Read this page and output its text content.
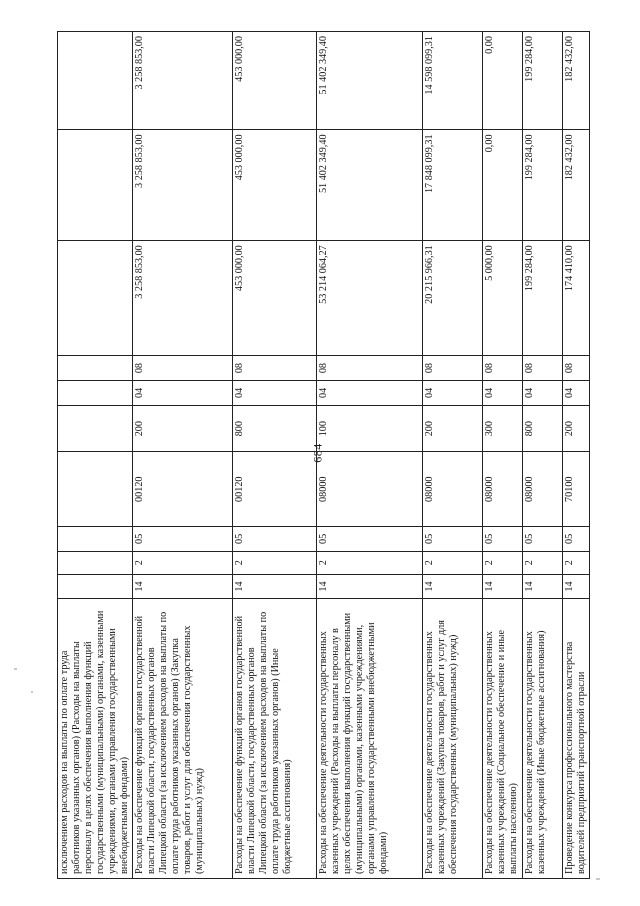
684
исключением расходов на выплаты по оплате труда работников указанных органов) (Расходы на выплаты персоналу в целях обеспечения выполнения функций государственными (муниципальными) органами, казенными учреждениями, органами управления государственными внебюджетными фондами)										
Расходы на обеспечение функций органов государственной власти Липецкой области, государственных органов Липецкой области (за исключением расходов на выплаты по оплате труда работников указанных органов) (Закупка товаров, работ и услуг для обеспечения государственных (муниципальных) нужд)	14	2	05	00120	200	04	08	3 258 853,00	3 258 853,00	3 258 853,00
Расходы на обеспечение функций органов государственной власти Липецкой области, государственных органов Липецкой области (за исключением расходов на выплаты по оплате труда работников указанных органов) (Иные бюджетные ассигнования)	14	2	05	00120	800	04	08	453 000,00	453 000,00	453 000,00
Расходы на обеспечение деятельности государственных казенных учреждений (Расходы на выплаты персоналу в целях обеспечения выполнения функций государственными (муниципальными) органами, казенными учреждениями, органами управления государственными внебюджетными фондами)	14	2	05	08000	100	04	08	53 214 064,27	51 402 349,40	51 402 349,40
Расходы на обеспечение деятельности государственных казенных учреждений (Закупка товаров, работ и услуг для обеспечения государственных (муниципальных) нужд)	14	2	05	08000	200	04	08	20 215 966,31	17 848 099,31	14 598 099,31
Расходы на обеспечение деятельности государственных казенных учреждений (Социальное обеспечение и иные выплаты населению)	14	2	05	08000	300	04	08	5 000,00	0,00	0,00
Расходы на обеспечение деятельности государственных казенных учреждений (Иные бюджетные ассигнования)	14	2	05	08000	800	04	08	199 284,00	199 284,00	199 284,00
Проведение конкурса профессионального мастерства водителей предприятий транспортной отрасли	14	2	05	70100	200	04	08	174 410,00	182 432,00	182 432,00
